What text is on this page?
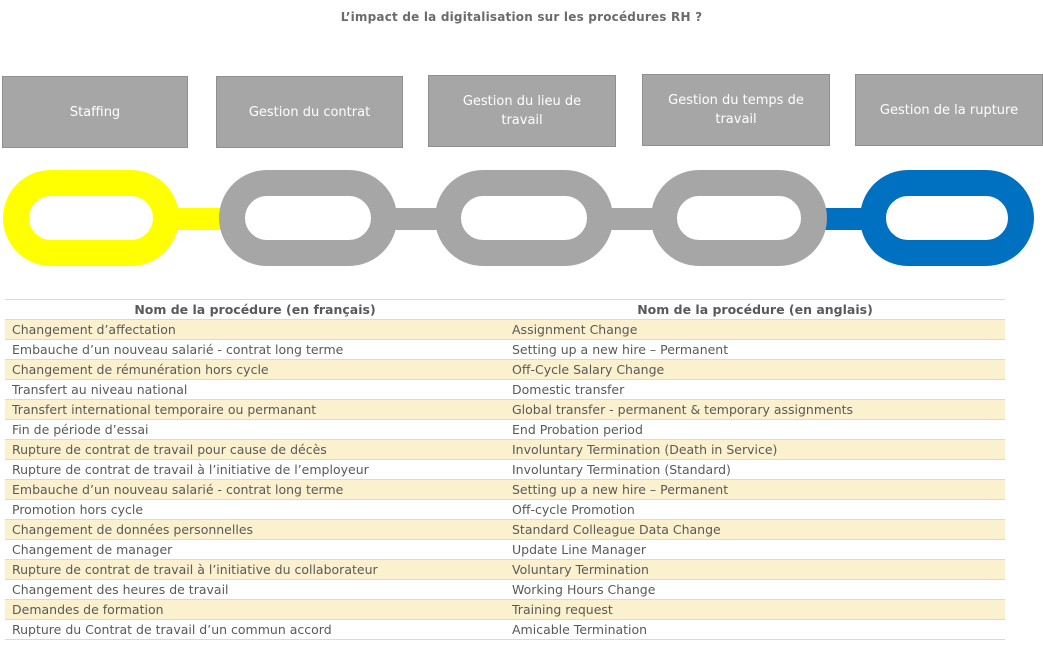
L’impact de la digitalisation sur les procédures RH ?
Staffing	Gestion du contrat
Gestion du lieu de travail
Gestion du temps de travail
Gestion de la rupture
Nom de la procédure (en français)	Nom de la procédure (en anglais)
Changement d’affectation	Assignment Change
Embauche d’un nouveau salarié - contrat long terme	Setting up a new hire – Permanent
Changement de rémunération hors cycle	Off-Cycle Salary Change
Transfert au niveau national	Domestic transfer
Transfert international temporaire ou permanant	Global transfer - permanent & temporary assignments
Fin de période d’essai	End Probation period
Rupture de contrat de travail pour cause de décès	Involuntary Termination (Death in Service)
Rupture de contrat de travail à l’initiative de l’employeur	Involuntary Termination (Standard)
Embauche d’un nouveau salarié - contrat long terme	Setting up a new hire – Permanent
Promotion hors cycle	Off-cycle Promotion
Changement de données personnelles	Standard Colleague Data Change
Changement de manager	Update Line Manager
Rupture de contrat de travail à l’initiative du collaborateur	Voluntary Termination
Changement des heures de travail	Working Hours Change
Demandes de formation	Training request
Rupture du Contrat de travail d’un commun accord	Amicable Termination
